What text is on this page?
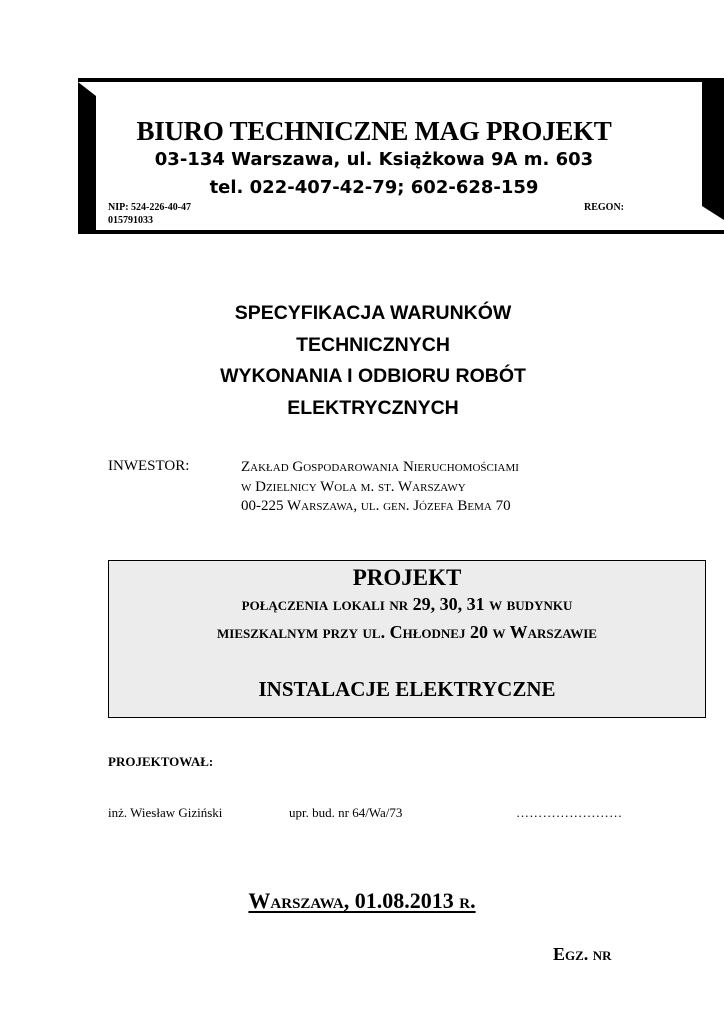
BIURO TECHNICZNE MAG PROJEKT
03-134 Warszawa, ul. Książkowa 9A m. 603
tel. 022-407-42-79; 602-628-159
NIP: 524-226-40-47	REGON:
015791033
SPECYFIKACJA WARUNKÓW
TECHNICZNYCH
WYKONANIA I ODBIORU ROBÓT
ELEKTRYCZNYCH
INWESTOR:	Zakład Gospodarowania Nieruchomościami
w Dzielnicy Wola m. st. Warszawy
00-225 Warszawa, ul. gen. Józefa Bema 70
PROJEKT
połączenia lokali nr 29, 30, 31 w budynku
mieszkalnym przy ul. Chłodnej 20 w Warszawie
INSTALACJE ELEKTRYCZNE
PROJEKTOWAŁ:
inż. Wiesław Giziński	upr. bud. nr 64/Wa/73	……………………
Warszawa, 01.08.2013 r.
Egz. nr
